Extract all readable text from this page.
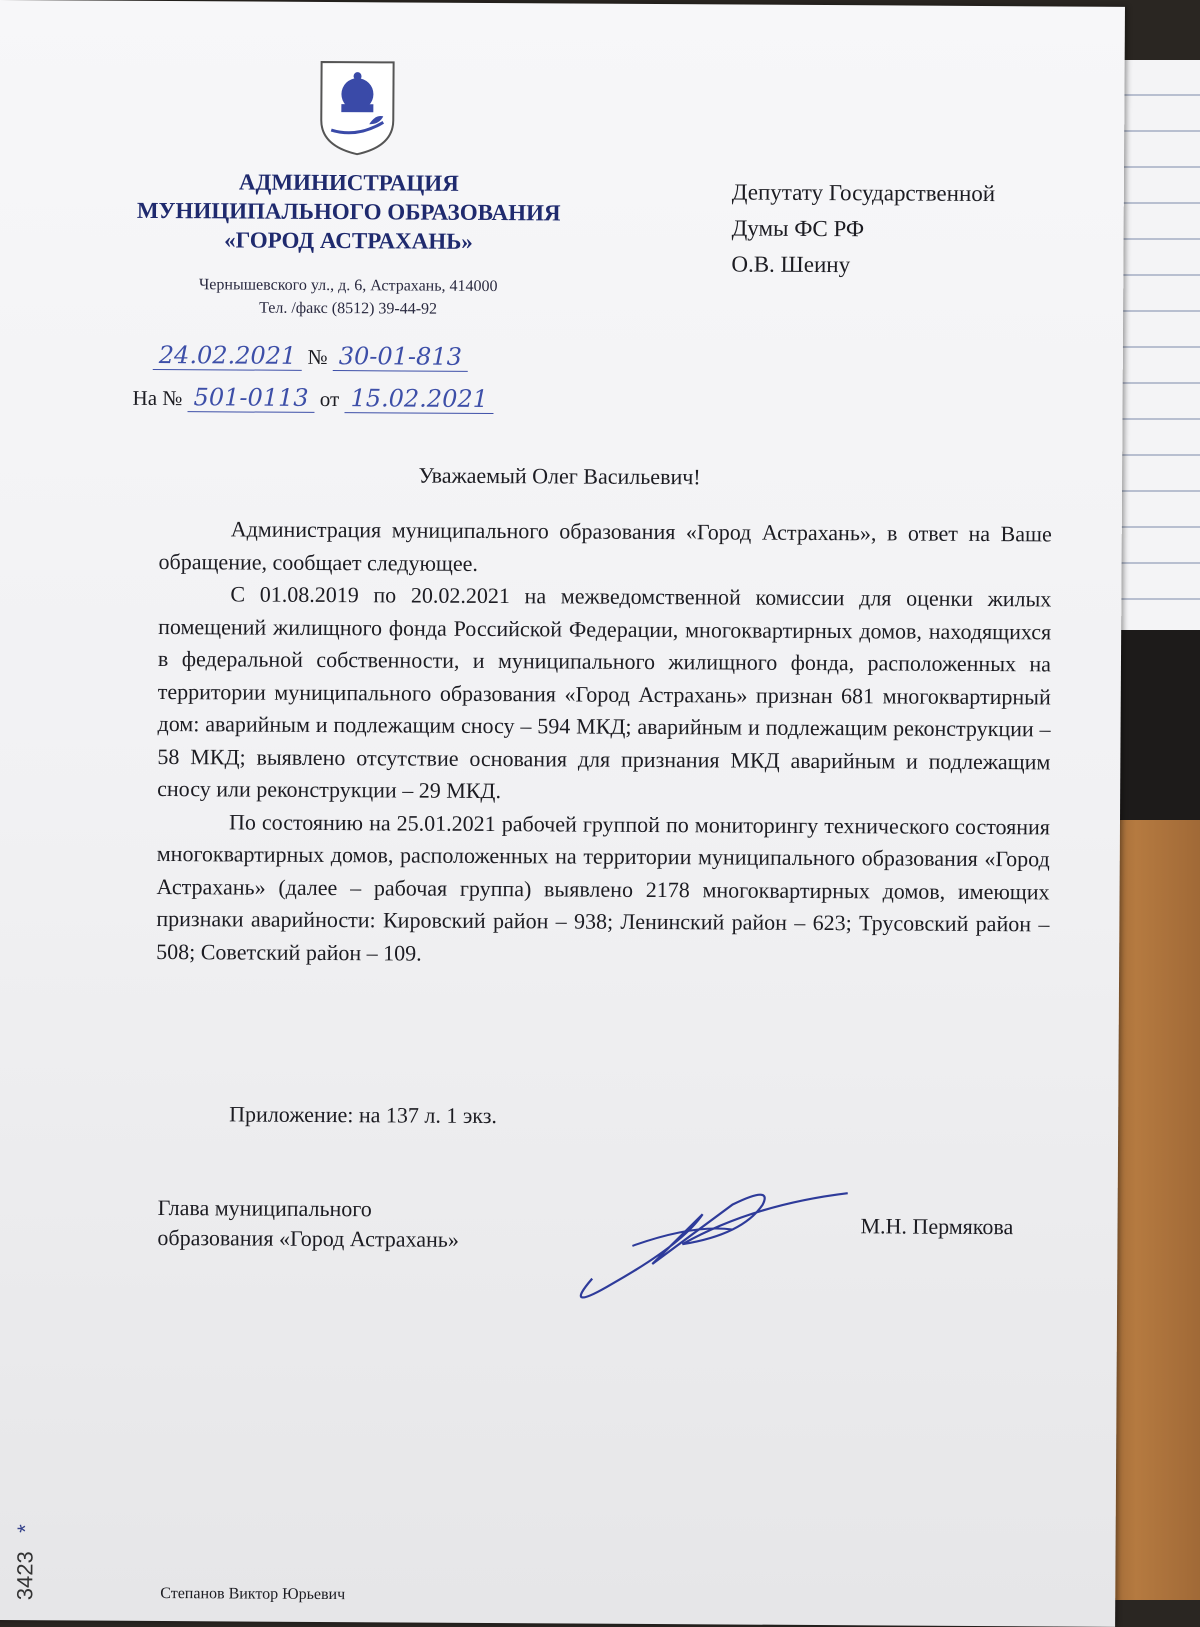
АДМИНИСТРАЦИЯ
МУНИЦИПАЛЬНОГО ОБРАЗОВАНИЯ
«ГОРОД АСТРАХАНЬ»
Чернышевского ул., д. 6, Астрахань, 414000
Тел. /факс (8512) 39-44-92
24.02.2021 № 30-01-813
На № 501-0113 от 15.02.2021
Депутату Государственной
Думы ФС РФ
О.В. Шеину
Уважаемый Олег Васильевич!

Администрация муниципального образования «Город Астрахань», в ответ на Ваше обращение, сообщает следующее.

С 01.08.2019 по 20.02.2021 на межведомственной комиссии для оценки жилых помещений жилищного фонда Российской Федерации, многоквартирных домов, находящихся в федеральной собственности, и муниципального жилищного фонда, расположенных на территории муниципального образования «Город Астрахань» признан 681 многоквартирный дом: аварийным и подлежащим сносу – 594 МКД; аварийным и подлежащим реконструкции – 58 МКД; выявлено отсутствие основания для признания МКД аварийным и подлежащим сносу или реконструкции – 29 МКД.

По состоянию на 25.01.2021 рабочей группой по мониторингу технического состояния многоквартирных домов, расположенных на территории муниципального образования «Город Астрахань» (далее – рабочая группа) выявлено 2178 многоквартирных домов, имеющих признаки аварийности: Кировский район – 938; Ленинский район – 623; Трусовский район – 508; Советский район – 109.

Приложение: на 137 л. 1 экз.
Глава муниципального
образования «Город Астрахань»	М.Н. Пермякова
3423   *
Степанов Виктор Юрьевич
